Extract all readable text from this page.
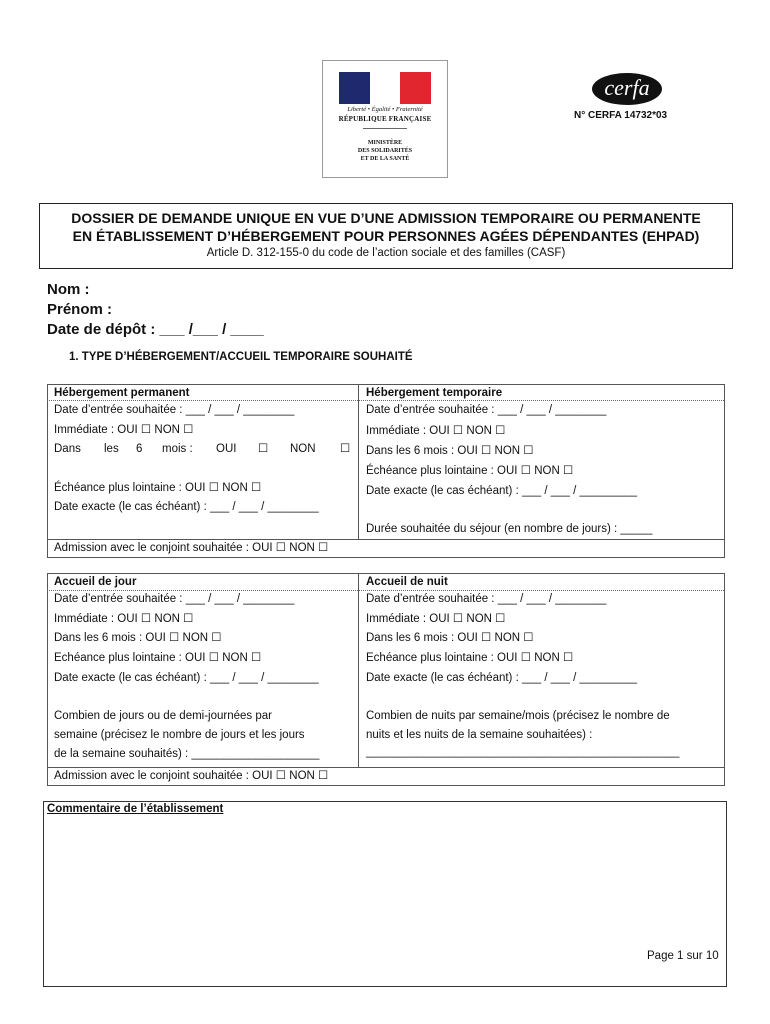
Liberté • Égalité • Fraternité
RÉPUBLIQUE FRANÇAISE
MINISTÈRE
DES SOLIDARITÉS
ET DE LA SANTÉ
cerfa
N° CERFA 14732*03
DOSSIER DE DEMANDE UNIQUE EN VUE D’UNE ADMISSION TEMPORAIRE OU PERMANENTE
EN ÉTABLISSEMENT D’HÉBERGEMENT POUR PERSONNES AGÉES DÉPENDANTES (EHPAD)
Article D. 312-155-0 du code de l’action sociale et des familles (CASF)
Nom :
Prénom :
Date de dépôt : ___ /___ / ____
1. TYPE D’HÉBERGEMENT/ACCUEIL TEMPORAIRE SOUHAITÉ
Hébergement permanent
Date d’entrée souhaitée : ___ / ___ / ________
Immédiate : OUI ☐ NON ☐
Dans les 6 mois : OUI ☐ NON ☐
Échéance plus lointaine : OUI ☐ NON ☐
Date exacte (le cas échéant) : ___ / ___ / ________
Hébergement temporaire
Date d’entrée souhaitée : ___ / ___ / ________
Immédiate : OUI ☐ NON ☐
Dans les 6 mois : OUI ☐ NON ☐
Échéance plus lointaine : OUI ☐ NON ☐
Date exacte (le cas échéant) : ___ / ___ / _________
Durée souhaitée du séjour (en nombre de jours) : _____
Admission avec le conjoint souhaitée : OUI ☐ NON ☐
Accueil de jour
Date d’entrée souhaitée : ___ / ___ / ________
Immédiate : OUI ☐ NON ☐
Dans les 6 mois : OUI ☐ NON ☐
Echéance plus lointaine : OUI ☐ NON ☐
Date exacte (le cas échéant) : ___ / ___ / ________
Combien de jours ou de demi-journées par
semaine (précisez le nombre de jours et les jours
de la semaine souhaités) : ____________________
Accueil de nuit
Date d’entrée souhaitée : ___ / ___ / ________
Immédiate : OUI ☐ NON ☐
Dans les 6 mois : OUI ☐ NON ☐
Echéance plus lointaine : OUI ☐ NON ☐
Date exacte (le cas échéant) : ___ / ___ / _________
Combien de nuits par semaine/mois (précisez le nombre de
nuits et les nuits de la semaine souhaitées) :
_________________________________________________
Admission avec le conjoint souhaitée : OUI ☐ NON ☐
Commentaire de l’établissement
Page 1 sur 10
